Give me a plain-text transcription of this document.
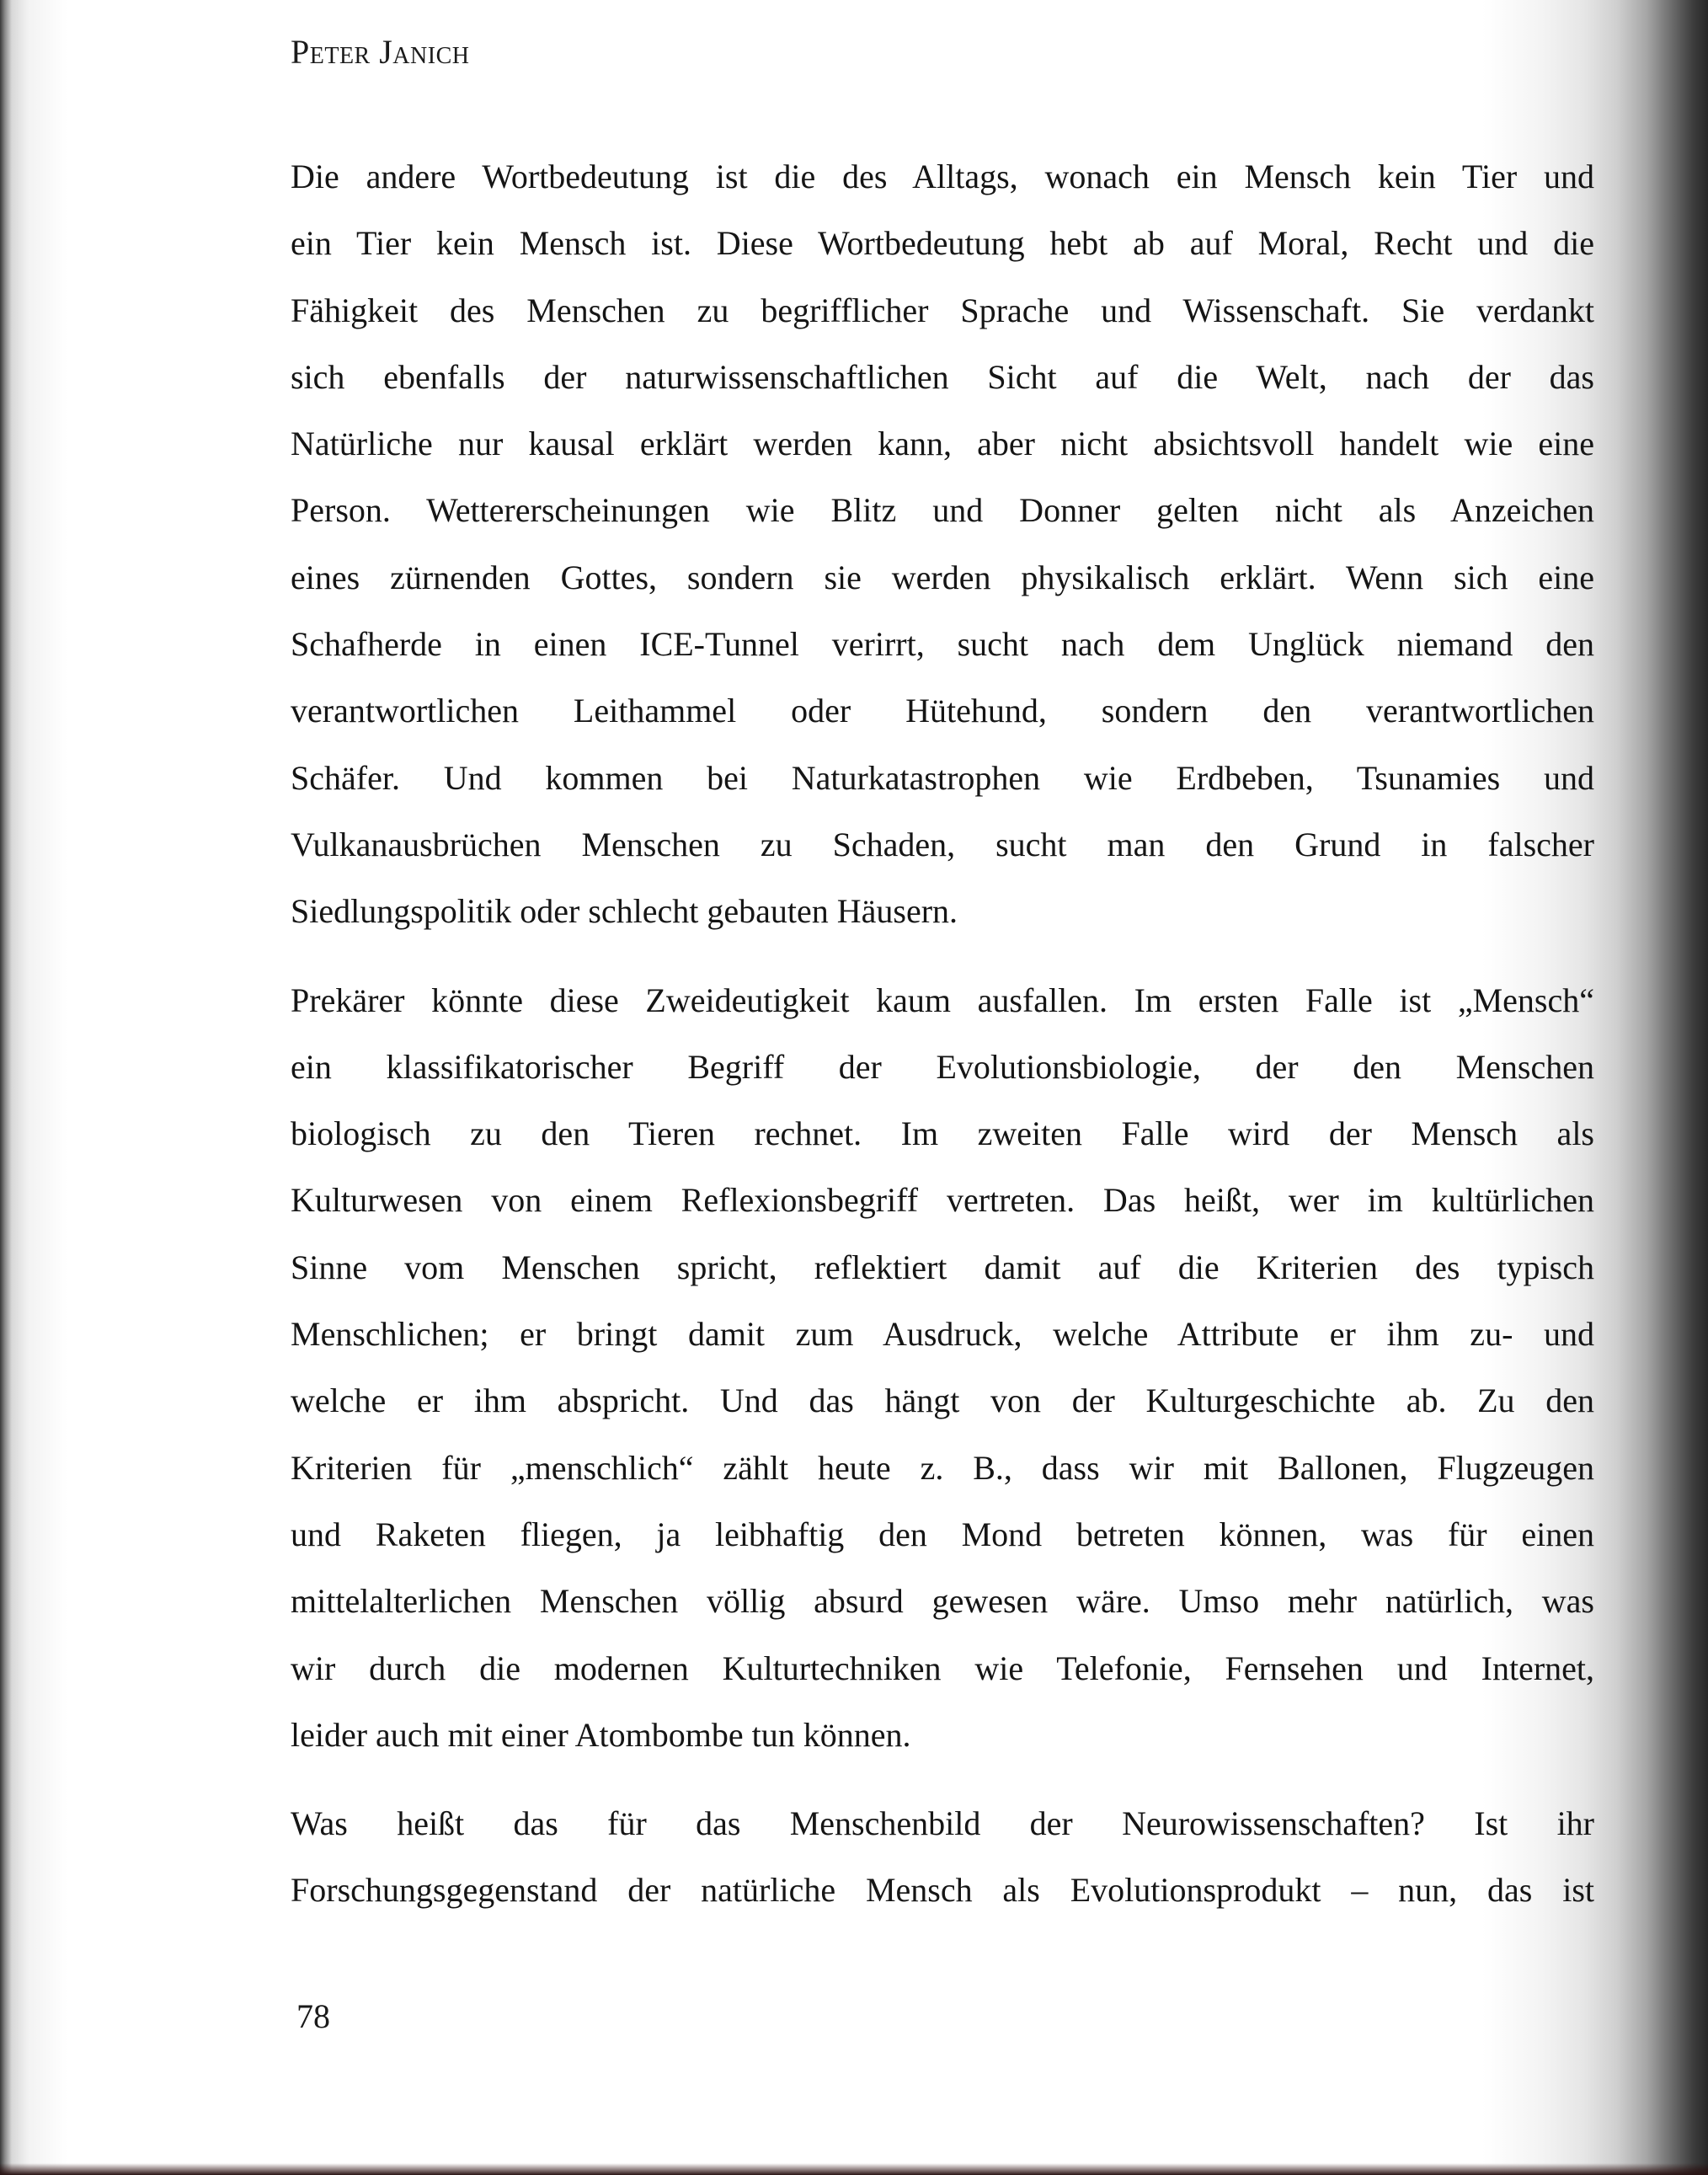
Peter Janich

Die andere Wortbedeutung ist die des Alltags, wonach ein Mensch kein Tier und
ein Tier kein Mensch ist. Diese Wortbedeutung hebt ab auf Moral, Recht und die
Fähigkeit des Menschen zu begrifflicher Sprache und Wissenschaft. Sie verdankt
sich ebenfalls der naturwissenschaftlichen Sicht auf die Welt, nach der das
Natürliche nur kausal erklärt werden kann, aber nicht absichtsvoll handelt wie eine
Person. Wettererscheinungen wie Blitz und Donner gelten nicht als Anzeichen
eines zürnenden Gottes, sondern sie werden physikalisch erklärt. Wenn sich eine
Schafherde in einen ICE-Tunnel verirrt, sucht nach dem Unglück niemand den
verantwortlichen Leithammel oder Hütehund, sondern den verantwortlichen
Schäfer. Und kommen bei Naturkatastrophen wie Erdbeben, Tsunamies und
Vulkanausbrüchen Menschen zu Schaden, sucht man den Grund in falscher
Siedlungspolitik oder schlecht gebauten Häusern.

Prekärer könnte diese Zweideutigkeit kaum ausfallen. Im ersten Falle ist „Mensch“
ein klassifikatorischer Begriff der Evolutionsbiologie, der den Menschen
biologisch zu den Tieren rechnet. Im zweiten Falle wird der Mensch als
Kulturwesen von einem Reflexionsbegriff vertreten. Das heißt, wer im kultürlichen
Sinne vom Menschen spricht, reflektiert damit auf die Kriterien des typisch
Menschlichen; er bringt damit zum Ausdruck, welche Attribute er ihm zu- und
welche er ihm abspricht. Und das hängt von der Kulturgeschichte ab. Zu den
Kriterien für „menschlich“ zählt heute z. B., dass wir mit Ballonen, Flugzeugen
und Raketen fliegen, ja leibhaftig den Mond betreten können, was für einen
mittelalterlichen Menschen völlig absurd gewesen wäre. Umso mehr natürlich, was
wir durch die modernen Kulturtechniken wie Telefonie, Fernsehen und Internet,
leider auch mit einer Atombombe tun können.

Was heißt das für das Menschenbild der Neurowissenschaften? Ist ihr
Forschungsgegenstand der natürliche Mensch als Evolutionsprodukt – nun, das ist

78
